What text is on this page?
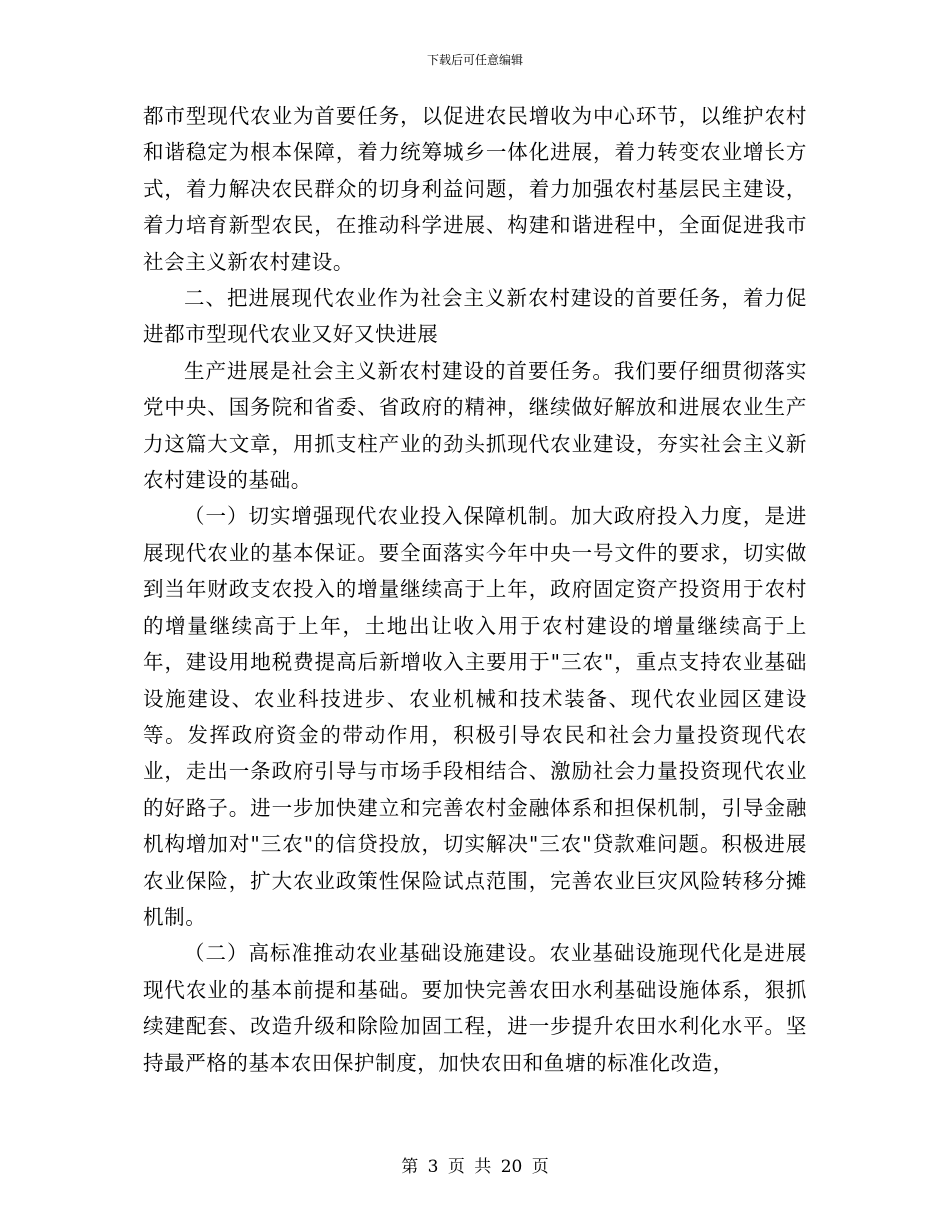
下载后可任意编辑

都市型现代农业为首要任务，以促进农民增收为中心环节，以维护农村和谐稳定为根本保障，着力统筹城乡一体化进展，着力转变农业增长方式，着力解决农民群众的切身利益问题，着力加强农村基层民主建设，着力培育新型农民，在推动科学进展、构建和谐进程中，全面促进我市社会主义新农村建设。

二、把进展现代农业作为社会主义新农村建设的首要任务，着力促进都市型现代农业又好又快进展

生产进展是社会主义新农村建设的首要任务。我们要仔细贯彻落实党中央、国务院和省委、省政府的精神，继续做好解放和进展农业生产力这篇大文章，用抓支柱产业的劲头抓现代农业建设，夯实社会主义新农村建设的基础。

（一）切实增强现代农业投入保障机制。加大政府投入力度，是进展现代农业的基本保证。要全面落实今年中央一号文件的要求，切实做到当年财政支农投入的增量继续高于上年，政府固定资产投资用于农村的增量继续高于上年，土地出让收入用于农村建设的增量继续高于上年，建设用地税费提高后新增收入主要用于"三农"，重点支持农业基础设施建设、农业科技进步、农业机械和技术装备、现代农业园区建设等。发挥政府资金的带动作用，积极引导农民和社会力量投资现代农业，走出一条政府引导与市场手段相结合、激励社会力量投资现代农业的好路子。进一步加快建立和完善农村金融体系和担保机制，引导金融机构增加对"三农"的信贷投放，切实解决"三农"贷款难问题。积极进展农业保险，扩大农业政策性保险试点范围，完善农业巨灾风险转移分摊机制。

（二）高标准推动农业基础设施建设。农业基础设施现代化是进展现代农业的基本前提和基础。要加快完善农田水利基础设施体系，狠抓续建配套、改造升级和除险加固工程，进一步提升农田水利化水平。坚持最严格的基本农田保护制度，加快农田和鱼塘的标准化改造，

第 3 页 共 20 页
